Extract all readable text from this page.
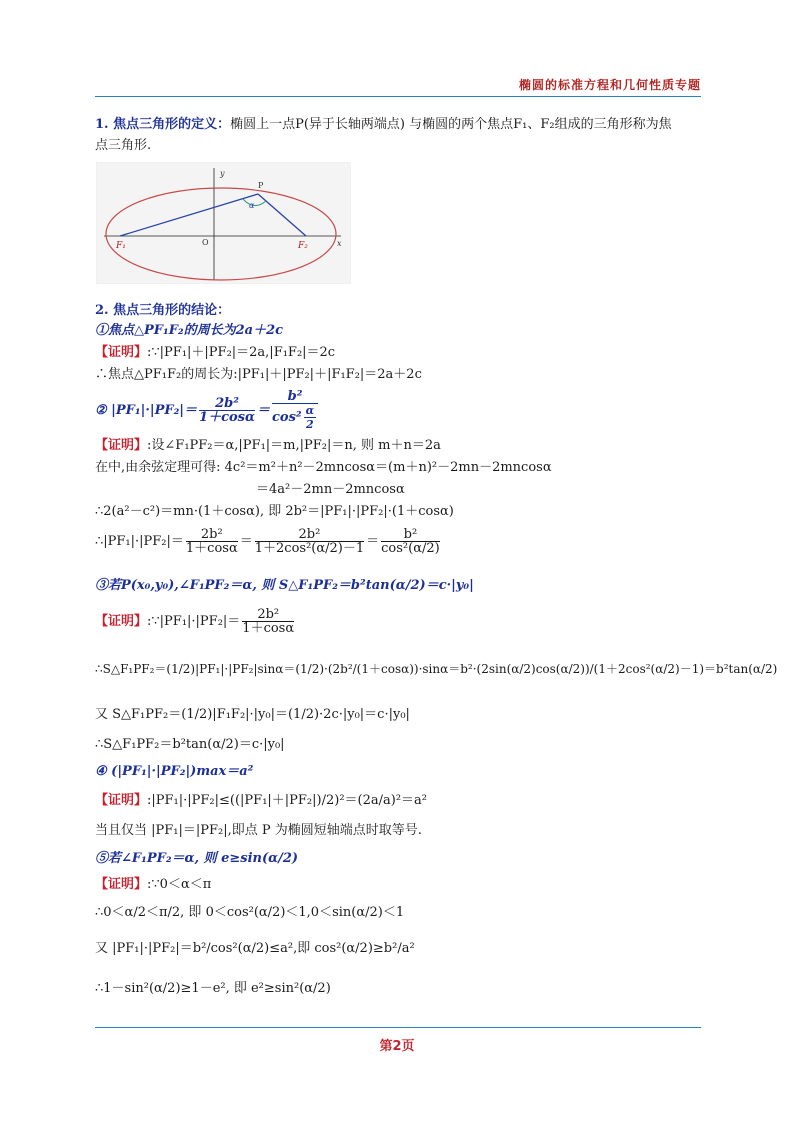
椭圆的标准方程和几何性质专题
1. 焦点三角形的定义：椭圆上一点P(异于长轴两端点) 与椭圆的两个焦点F₁、F₂组成的三角形称为焦
点三角形.
y
x
P
O
α
F₁	F₂
2. 焦点三角形的结论：
①焦点△PF₁F₂的周长为2a＋2c
【证明】:∵|PF₁|＋|PF₂|＝2a,|F₁F₂|＝2c
∴焦点△PF₁F₂的周长为:|PF₁|＋|PF₂|＋|F₁F₂|＝2a＋2c
② $|PF_1|\cdot|PF_2|= \frac{\text{2b²}}{1+\cos\alpha} = \frac{\text{b²}}{\cos^2 \frac{\alpha}{2}}$
【证明】:设∠F₁PF₂＝α,|PF₁|＝m,|PF₂|＝n, 则 m＋n＝2a
在中,由余弦定理可得: 4c²＝m²＋n²－2mncosα＝(m＋n)²－2mn－2mncosα
＝4a²－2mn－2mncosα
∴2(a²－c²)＝mn·(1＋cosα), 即 2b²＝|PF₁|·|PF₂|·(1＋cosα)
∴|PF₁|·|PF₂|＝ $\frac{\text{2b²}}{1+\cos\alpha} = \frac{\text{2b²}}{\text{1＋2cos²(α/2)－1}} = \frac{\text{b²}}{\text{cos²(α/2)}}$
③若P(x₀,y₀),∠F₁PF₂＝α, 则 S△F₁PF₂＝b²tan(α/2)＝c·|y₀|
【证明】:∵|PF₁|·|PF₂|＝ $\frac{\text{2b²}}{1+\cos\alpha}$
∴S△F₁PF₂＝(1/2)|PF₁|·|PF₂|sinα＝(1/2)·(2b²/(1＋cosα))·sinα＝b²·(2sin(α/2)cos(α/2))/(1＋2cos²(α/2)－1)＝b²tan(α/2)
又 S△F₁PF₂＝(1/2)|F₁F₂|·|y₀|＝(1/2)·2c·|y₀|＝c·|y₀|
∴S△F₁PF₂＝b²tan(α/2)＝c·|y₀|
④ (|PF₁|·|PF₂|)max＝a²
【证明】:|PF₁|·|PF₂|≤((|PF₁|＋|PF₂|)/2)²＝(2a/a)²＝a²
当且仅当 |PF₁|＝|PF₂|,即点 P 为椭圆短轴端点时取等号.
⑤若∠F₁PF₂＝α, 则 e≥sin(α/2)
【证明】:∵0＜α＜π
∴0＜α/2＜π/2, 即 0＜cos²(α/2)＜1,0＜sin(α/2)＜1
又 |PF₁|·|PF₂|＝b²/cos²(α/2)≤a²,即 cos²(α/2)≥b²/a²
∴1－sin²(α/2)≥1－e², 即 e²≥sin²(α/2)
第2页
